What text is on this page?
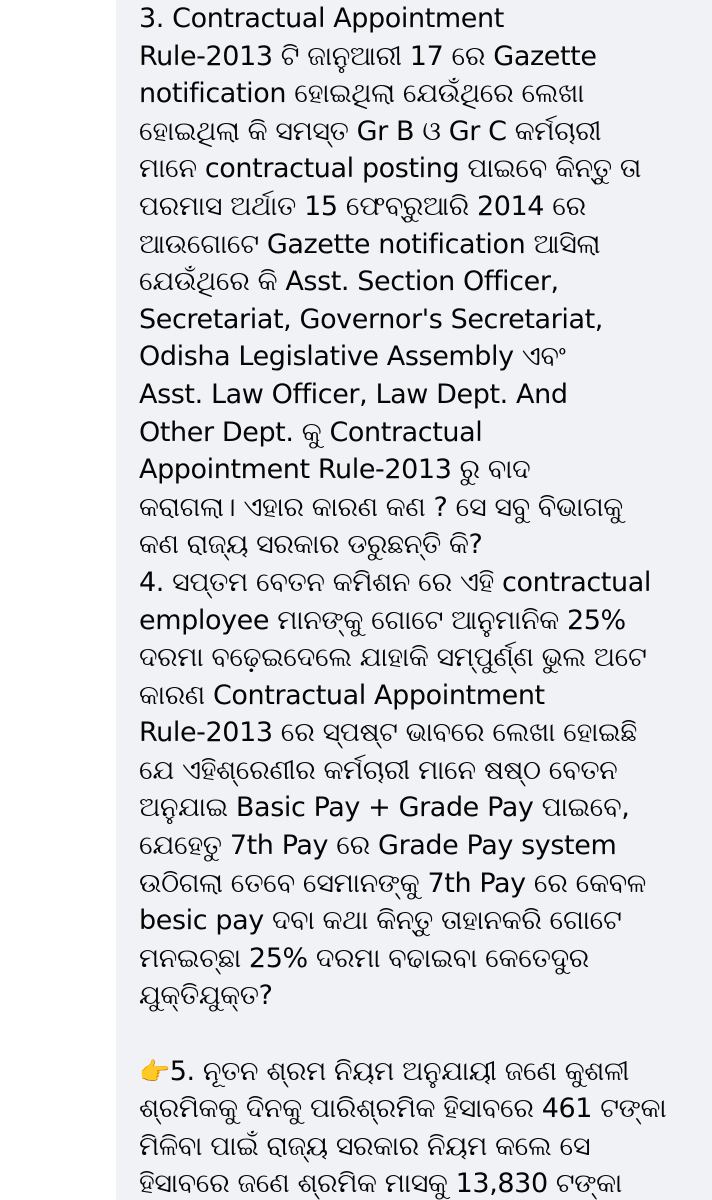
3. Contractual Appointment
Rule-2013 ଟି ଜାନୁଆରୀ 17 ରେ Gazette
notification ହୋଇଥିଲା ଯେଉଁଥିରେ ଲେଖା
ହୋଇଥିଲା କି ସମସ୍ତ Gr B ଓ Gr C କର୍ମଚାରୀ
ମାନେ contractual posting ପାଇବେ କିନ୍ତୁ ତା
ପରମାସ ଅର୍ଥାତ 15 ଫେବ୍ରୁଆରି 2014 ରେ
ଆଉଗୋଟେ Gazette notification ଆସିଲା
ଯେଉଁଥିରେ କି Asst. Section Officer,
Secretariat, Governor's Secretariat,
Odisha Legislative Assembly ଏବଂ
Asst. Law Officer, Law Dept. And
Other Dept. କୁ Contractual
Appointment Rule-2013 ରୁ ବାଦ
କରାଗଲା। ଏହାର କାରଣ କଣ ? ସେ ସବୁ ବିଭାଗକୁ
କଣ ରାଜ୍ୟ ସରକାର ଡରୁଛନ୍ତି କି?
4. ସପ୍ତମ ବେତନ କମିଶନ ରେ ଏହି contractual
employee ମାନଙ୍କୁ ଗୋଟେ ଆନୁମାନିକ 25%
ଦରମା ବଢ଼େଇଦେଲେ ଯାହାକି ସମ୍ପୁର୍ଣ୍ଣ ଭୁଲ ଅଟେ
କାରଣ Contractual Appointment
Rule-2013 ରେ ସ୍ପଷ୍ଟ ଭାବରେ ଲେଖା ହୋଇଛି
ଯେ ଏହିଶ୍ରେଣୀର କର୍ମଚାରୀ ମାନେ ଷଷ୍ଠ ବେତନ
ଅନୁଯାଇ Basic Pay + Grade Pay ପାଇବେ,
ଯେହେତୁ 7th Pay ରେ Grade Pay system
ଉଠିଗଲା ତେବେ ସେମାନଙ୍କୁ 7th Pay ରେ କେବଳ
besic pay ଦବା କଥା କିନ୍ତୁ ତାହାନକରି ଗୋଟେ
ମନଇଚ୍ଛା 25% ଦରମା ବଢାଇବା କେତେଦୁର
ଯୁକ୍ତିଯୁକ୍ତ?
👉5. ନୂତନ ଶ୍ରମ ନିୟମ ଅନୁଯାୟୀ ଜଣେ କୁଶଳୀ
ଶ୍ରମିକକୁ ଦିନକୁ ପାରିଶ୍ରମିକ ହିସାବରେ 461 ଟଙ୍କା
ମିଳିବା ପାଇଁ ରାଜ୍ୟ ସରକାର ନିୟମ କଲେ ସେ
ହିସାବରେ ଜଣେ ଶ୍ରମିକ ମାସକୁ 13,830 ଟଙ୍କା
